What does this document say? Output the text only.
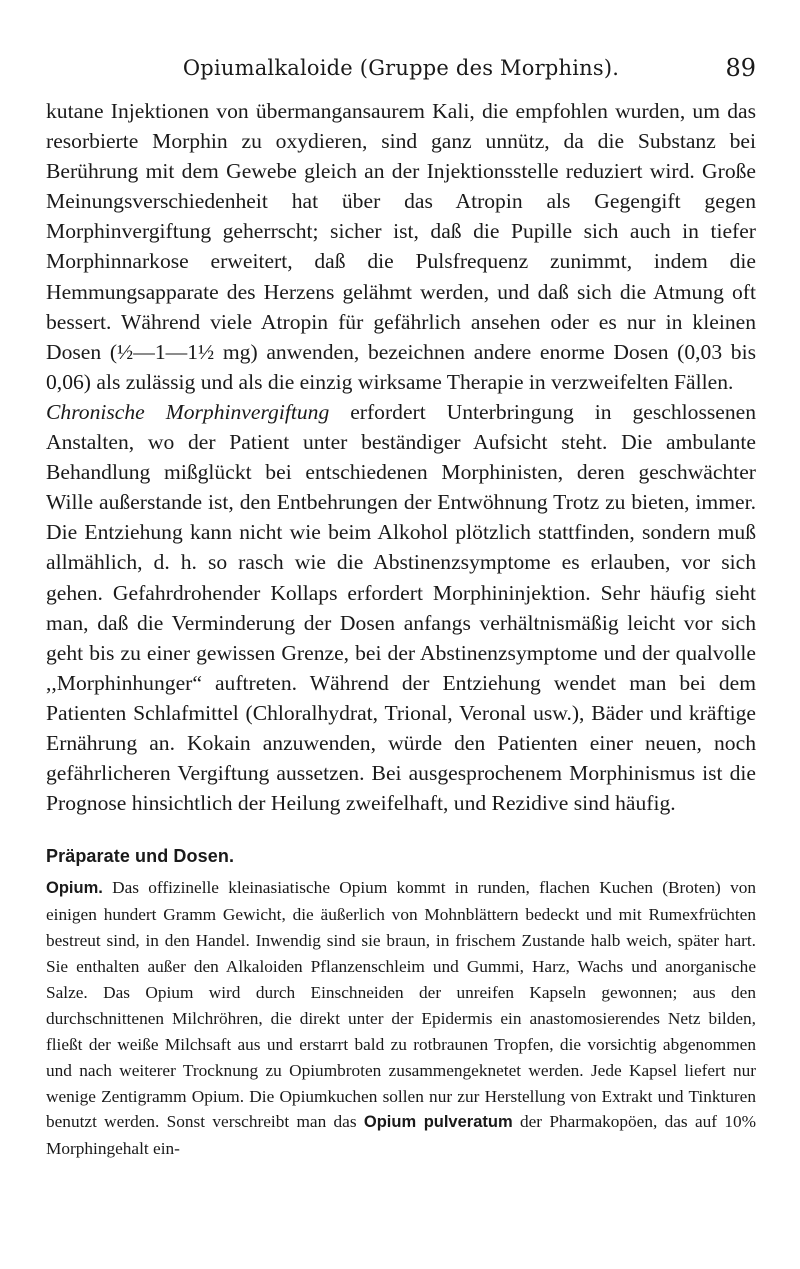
Opiumalkaloide (Gruppe des Morphins).	89

kutane Injektionen von übermangansaurem Kali, die empfohlen wurden, um das resorbierte Morphin zu oxydieren, sind ganz unnütz, da die Substanz bei Berührung mit dem Gewebe gleich an der Injektionsstelle reduziert wird. Große Meinungsverschiedenheit hat über das Atropin als Gegengift gegen Morphinvergiftung geherrscht; sicher ist, daß die Pupille sich auch in tiefer Morphinnarkose erweitert, daß die Pulsfrequenz zunimmt, indem die Hemmungsapparate des Herzens gelähmt werden, und daß sich die Atmung oft bessert. Während viele Atropin für gefährlich ansehen oder es nur in kleinen Dosen (½—1—1½ mg) anwenden, bezeichnen andere enorme Dosen (0,03 bis 0,06) als zulässig und als die einzig wirksame Therapie in verzweifelten Fällen.

Chronische Morphinvergiftung erfordert Unterbringung in geschlossenen Anstalten, wo der Patient unter beständiger Aufsicht steht. Die ambulante Behandlung mißglückt bei entschiedenen Morphinisten, deren geschwächter Wille außerstande ist, den Entbehrungen der Entwöhnung Trotz zu bieten, immer. Die Entziehung kann nicht wie beim Alkohol plötzlich stattfinden, sondern muß allmählich, d. h. so rasch wie die Abstinenzsymptome es erlauben, vor sich gehen. Gefahrdrohender Kollaps erfordert Morphininjektion. Sehr häufig sieht man, daß die Verminderung der Dosen anfangs verhältnismäßig leicht vor sich geht bis zu einer gewissen Grenze, bei der Abstinenzsymptome und der qualvolle ,,Morphinhunger“ auftreten. Während der Entziehung wendet man bei dem Patienten Schlafmittel (Chloralhydrat, Trional, Veronal usw.), Bäder und kräftige Ernährung an. Kokain anzuwenden, würde den Patienten einer neuen, noch gefährlicheren Vergiftung aussetzen. Bei ausgesprochenem Morphinismus ist die Prognose hinsichtlich der Heilung zweifelhaft, und Rezidive sind häufig.

Präparate und Dosen.

Opium. Das offizinelle kleinasiatische Opium kommt in runden, flachen Kuchen (Broten) von einigen hundert Gramm Gewicht, die äußerlich von Mohnblättern bedeckt und mit Rumexfrüchten bestreut sind, in den Handel. Inwendig sind sie braun, in frischem Zustande halb weich, später hart. Sie enthalten außer den Alkaloiden Pflanzenschleim und Gummi, Harz, Wachs und anorganische Salze. Das Opium wird durch Einschneiden der unreifen Kapseln gewonnen; aus den durchschnittenen Milchröhren, die direkt unter der Epidermis ein anastomosierendes Netz bilden, fließt der weiße Milchsaft aus und erstarrt bald zu rotbraunen Tropfen, die vorsichtig abgenommen und nach weiterer Trocknung zu Opiumbroten zusammengeknetet werden. Jede Kapsel liefert nur wenige Zentigramm Opium. Die Opiumkuchen sollen nur zur Herstellung von Extrakt und Tinkturen benutzt werden. Sonst verschreibt man das Opium pulveratum der Pharmakopöen, das auf 10% Morphingehalt ein-
